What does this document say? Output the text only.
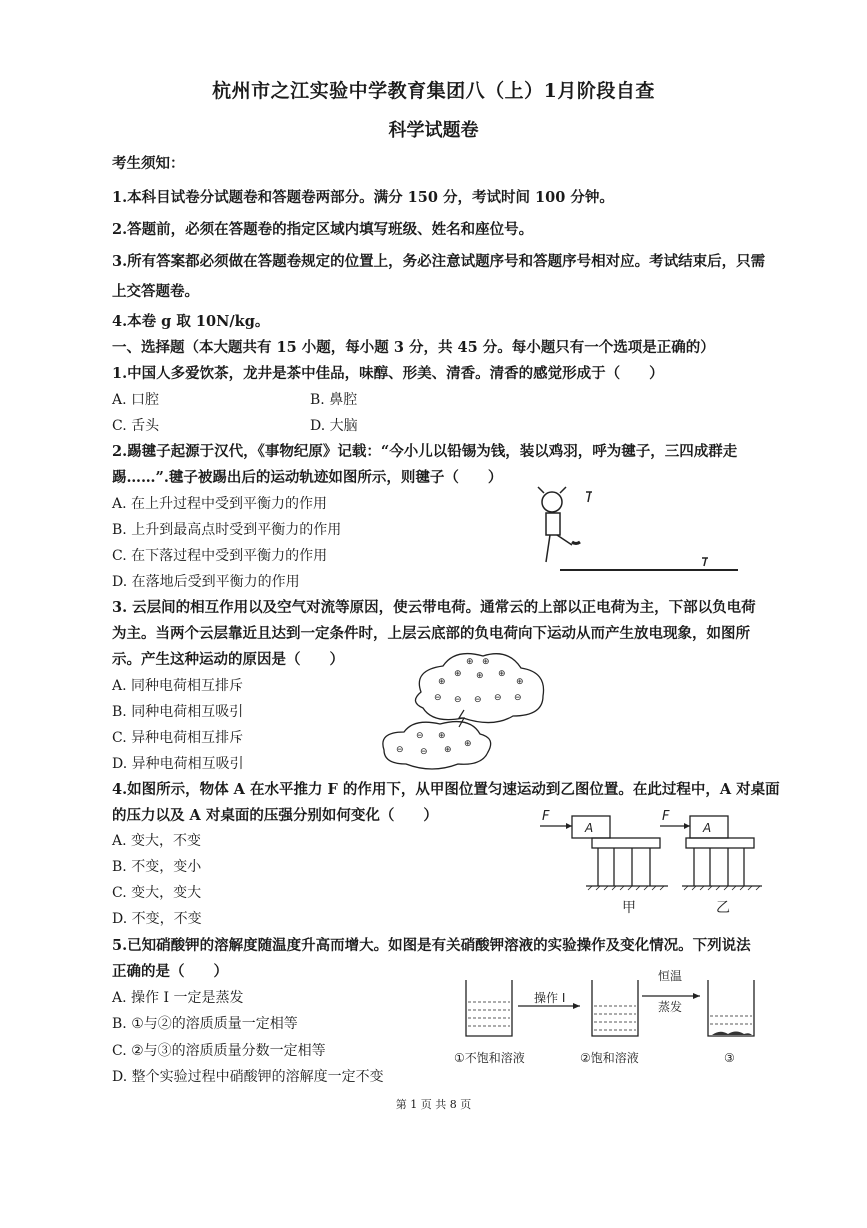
杭州市之江实验中学教育集团八（上）1月阶段自查
科学试题卷
考生须知：
1.本科目试卷分试题卷和答题卷两部分。满分 150 分，考试时间 100 分钟。
2.答题前，必须在答题卷的指定区域内填写班级、姓名和座位号。
3.所有答案都必须做在答题卷规定的位置上，务必注意试题序号和答题序号相对应。考试结束后，只需
上交答题卷。
4.本卷 g 取 10N/kg。
一、选择题（本大题共有 15 小题，每小题 3 分，共 45 分。每小题只有一个选项是正确的）
1.中国人多爱饮茶，龙井是茶中佳品，味醇、形美、清香。清香的感觉形成于（　　）
A. 口腔	B. 鼻腔
C. 舌头	D. 大脑
2.踢毽子起源于汉代，《事物纪原》记载：“今小儿以铅锡为钱，装以鸡羽，呼为毽子，三四成群走
踢……”.毽子被踢出后的运动轨迹如图所示，则毽子（　　）
A. 在上升过程中受到平衡力的作用
B. 上升到最高点时受到平衡力的作用
C. 在下落过程中受到平衡力的作用
D. 在落地后受到平衡力的作用
3. 云层间的相互作用以及空气对流等原因，使云带电荷。通常云的上部以正电荷为主，下部以负电荷
为主。当两个云层靠近且达到一定条件时，上层云底部的负电荷向下运动从而产生放电现象，如图所
示。产生这种运动的原因是（　　）
A. 同种电荷相互排斥
B. 同种电荷相互吸引
C. 异种电荷相互排斥
D. 异种电荷相互吸引
⊕ ⊕
⊕ ⊕ ⊕
⊕	⊕
⊖ ⊖ ⊖ ⊖ ⊖
⊖ ⊕
⊖ ⊖ ⊕
⊕
4.如图所示，物体 A 在水平推力 F 的作用下，从甲图位置匀速运动到乙图位置。在此过程中，A 对桌面
的压力以及 A 对桌面的压强分别如何变化（　　）
A. 变大，不变
B. 不变，变小
C. 变大，变大
D. 不变，不变
F
A
甲
F
A
乙
5.已知硝酸钾的溶解度随温度升高而增大。如图是有关硝酸钾溶液的实验操作及变化情况。下列说法
正确的是（　　）
A. 操作 I 一定是蒸发
B. ①与②的溶质质量一定相等
C. ②与③的溶质质量分数一定相等
D. 整个实验过程中硝酸钾的溶解度一定不变
操作 I
恒温
蒸发
①不饱和溶液	②饱和溶液	③
第 1 页 共 8 页
